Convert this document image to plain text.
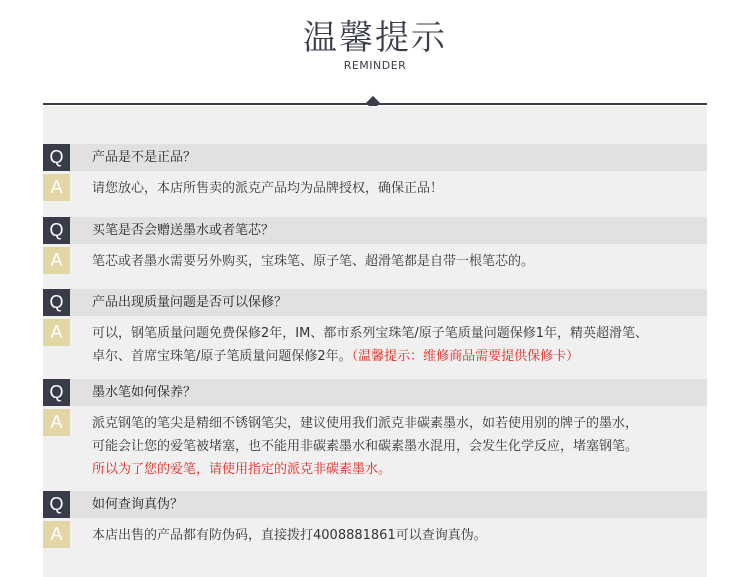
温馨提示
REMINDER
Q	产品是不是正品？
A	请您放心，本店所售卖的派克产品均为品牌授权，确保正品！
Q	买笔是否会赠送墨水或者笔芯？
A	笔芯或者墨水需要另外购买，宝珠笔、原子笔、超滑笔都是自带一根笔芯的。
Q	产品出现质量问题是否可以保修？
A	可以，钢笔质量问题免费保修2年，IM、都市系列宝珠笔/原子笔质量问题保修1年，精英超滑笔、
卓尔、首席宝珠笔/原子笔质量问题保修2年。（温馨提示：维修商品需要提供保修卡）
Q	墨水笔如何保养？
A	派克钢笔的笔尖是精细不锈钢笔尖，建议使用我们派克非碳素墨水，如若使用别的牌子的墨水，
可能会让您的爱笔被堵塞，也不能用非碳素墨水和碳素墨水混用，会发生化学反应，堵塞钢笔。
所以为了您的爱笔，请使用指定的派克非碳素墨水。
Q	如何查询真伪？
A	本店出售的产品都有防伪码，直接拨打4008881861可以查询真伪。
